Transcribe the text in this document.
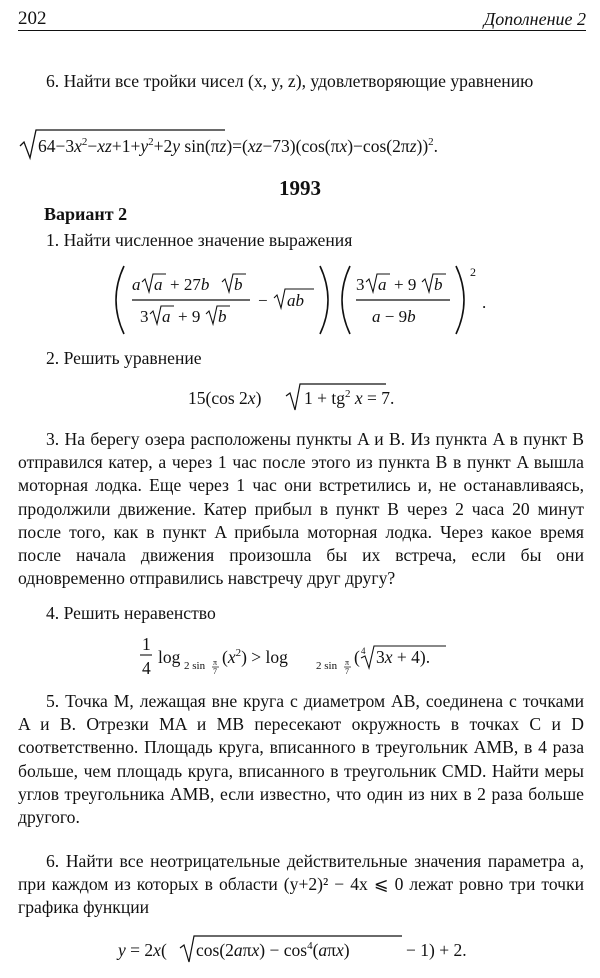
202	Дополнение 2
6. Найти все тройки чисел (x, y, z), удовлетворяющие уравнению
$64-3x^2-xz+1+y^2+2y$ $\sin(\pi z)=(xz-73)(\cos(\pi x)-\cos(2\pi z))^2$.
1993
Вариант 2
1. Найти численное значение выражения
a a + 27b b
3 a + 9 b
− ab
3 a + 9 b
a − 9b
2
.
2. Решить уравнение
15(cos 2x) $1 + tg^2$ x = 7.
3. На берегу озера расположены пункты A и B. Из пункта A в пункт B отправился катер, а через 1 час после этого из пункта B в пункт A вышла моторная лодка. Еще через 1 час они встретились и, не останавливаясь, продолжили движение. Катер прибыл в пункт B через 2 часа 20 минут после того, как в пункт A прибыла моторная лодка. Через какое время после начала движения произошла бы их встреча, если бы они одновременно отправились навстречу друг другу?
4. Решить неравенство
1
4
log 2 sin π
7
$(x^2) > \log$	2 sin π
7
( 4 3x + 4).
5. Точка M, лежащая вне круга с диаметром AB, соединена с точками A и B. Отрезки MA и MB пересекают окружность в точках C и D соответственно. Площадь круга, вписанного в треугольник AMB, в 4 раза больше, чем площадь круга, вписанного в треугольник CMD. Найти меры углов треугольника AMB, если известно, что один из них в 2 раза больше другого.
6. Найти все неотрицательные действительные значения параметра a, при каждом из которых в области (y+2)² − 4x ⩽ 0 лежат ровно три точки графика функции
y = 2x( $\cos(2a\pi x) - \cos^4(a\pi x)$	− 1) + 2.
